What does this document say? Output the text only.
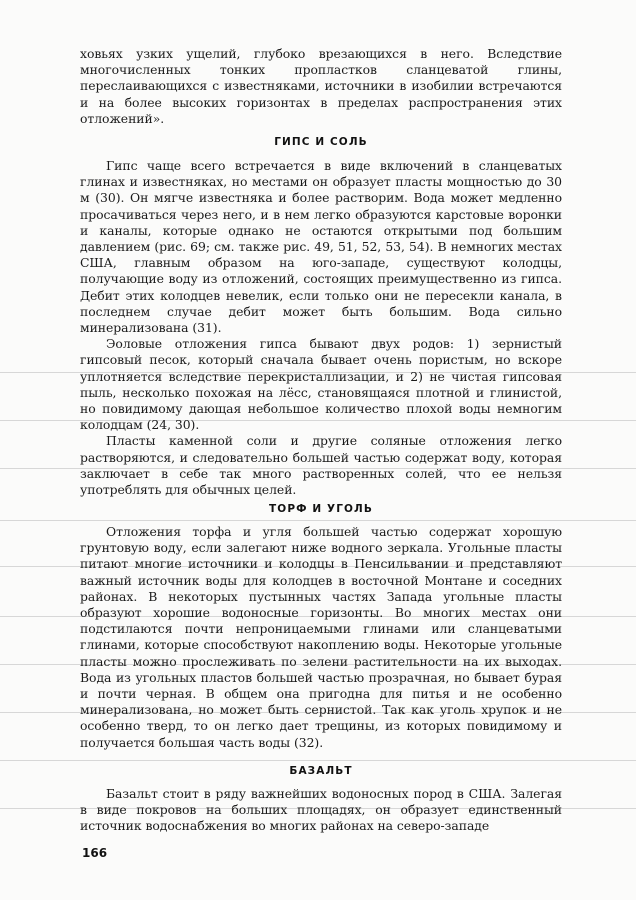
ховьях узких ущелий, глубоко врезающихся в него. Вследствие многочисленных тонких пропластков сланцеватой глины, переслаивающихся с известняками, источники в изобилии встречаются и на более высоких горизонтах в пределах распространения этих отложений».

ГИПС И СОЛЬ

Гипс чаще всего встречается в виде включений в сланцеватых глинах и известняках, но местами он образует пласты мощностью до 30 м (30). Он мягче известняка и более растворим. Вода может медленно просачиваться через него, и в нем легко образуются карстовые воронки и каналы, которые однако не остаются открытыми под большим давлением (рис. 69; см. также рис. 49, 51, 52, 53, 54). В немногих местах США, главным образом на юго-западе, существуют колодцы, получающие воду из отложений, состоящих преимущественно из гипса. Дебит этих колодцев невелик, если только они не пересекли канала, в последнем случае дебит может быть большим. Вода сильно минерализована (31).

Эоловые отложения гипса бывают двух родов: 1) зернистый гипсовый песок, который сначала бывает очень пористым, но вскоре уплотняется вследствие перекристаллизации, и 2) не чистая гипсовая пыль, несколько похожая на лёсс, становящаяся плотной и глинистой, но повидимому дающая небольшое количество плохой воды немногим колодцам (24, 30).

Пласты каменной соли и другие соляные отложения легко растворяются, и следовательно большей частью содержат воду, которая заключает в себе так много растворенных солей, что ее нельзя употреблять для обычных целей.

ТОРФ И УГОЛЬ

Отложения торфа и угля большей частью содержат хорошую грунтовую воду, если залегают ниже водного зеркала. Угольные пласты питают многие источники и колодцы в Пенсильвании и представляют важный источник воды для колодцев в восточной Монтане и соседних районах. В некоторых пустынных частях Запада угольные пласты образуют хорошие водоносные горизонты. Во многих местах они подстилаются почти непроницаемыми глинами или сланцеватыми глинами, которые способствуют накоплению воды. Некоторые угольные пласты можно прослеживать по зелени растительности на их выходах. Вода из угольных пластов большей частью прозрачная, но бывает бурая и почти черная. В общем она пригодна для питья и не особенно минерализована, но может быть сернистой. Так как уголь хрупок и не особенно тверд, то он легко дает трещины, из которых повидимому и получается большая часть воды (32).

БАЗАЛЬТ

Базальт стоит в ряду важнейших водоносных пород в США. Залегая в виде покровов на больших площадях, он образует единственный источник водоснабжения во многих районах на северо-западе

166
